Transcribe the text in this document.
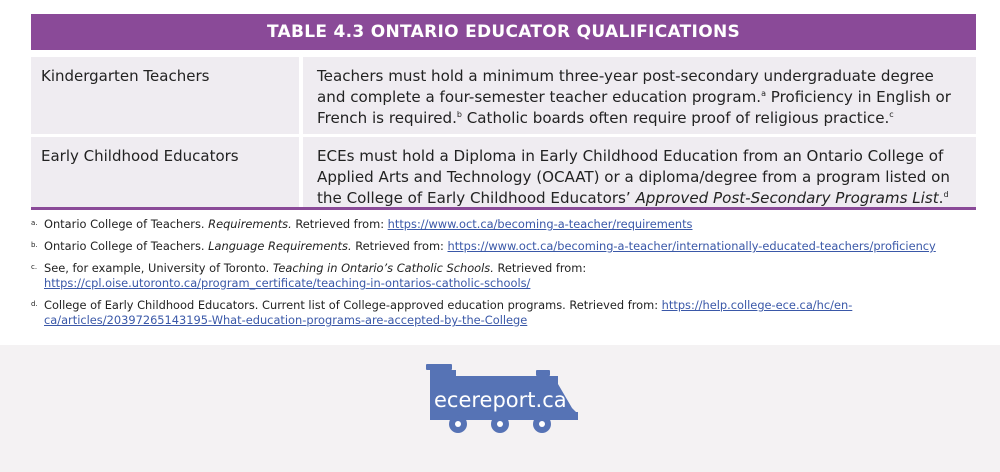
TABLE 4.3 ONTARIO EDUCATOR QUALIFICATIONS
Kindergarten Teachers	Teachers must hold a minimum three-year post-secondary undergraduate degree and complete a four-semester teacher education program.$^a$ Proficiency in English or French is required.$^b$ Catholic boards often require proof of religious practice.$^c$
Early Childhood Educators	ECEs must hold a Diploma in Early Childhood Education from an Ontario College of Applied Arts and Technology (OCAAT) or a diploma/degree from a program listed on the College of Early Childhood Educators’ Approved Post-Secondary Programs List.$^d$
a. Ontario College of Teachers. Requirements. Retrieved from: https://www.oct.ca/becoming-a-teacher/requirements
b. Ontario College of Teachers. Language Requirements. Retrieved from: https://www.oct.ca/becoming-a-teacher/internationally-educated-teachers/proficiency
c. See, for example, University of Toronto. Teaching in Ontario’s Catholic Schools. Retrieved from: https://cpl.oise.utoronto.ca/program_certificate/teaching-in-ontarios-catholic-schools/
d. College of Early Childhood Educators. Current list of College-approved education programs. Retrieved from: https://help.college-ece.ca/hc/en-ca/articles/20397265143195-What-education-programs-are-accepted-by-the-College
ecereport.ca
